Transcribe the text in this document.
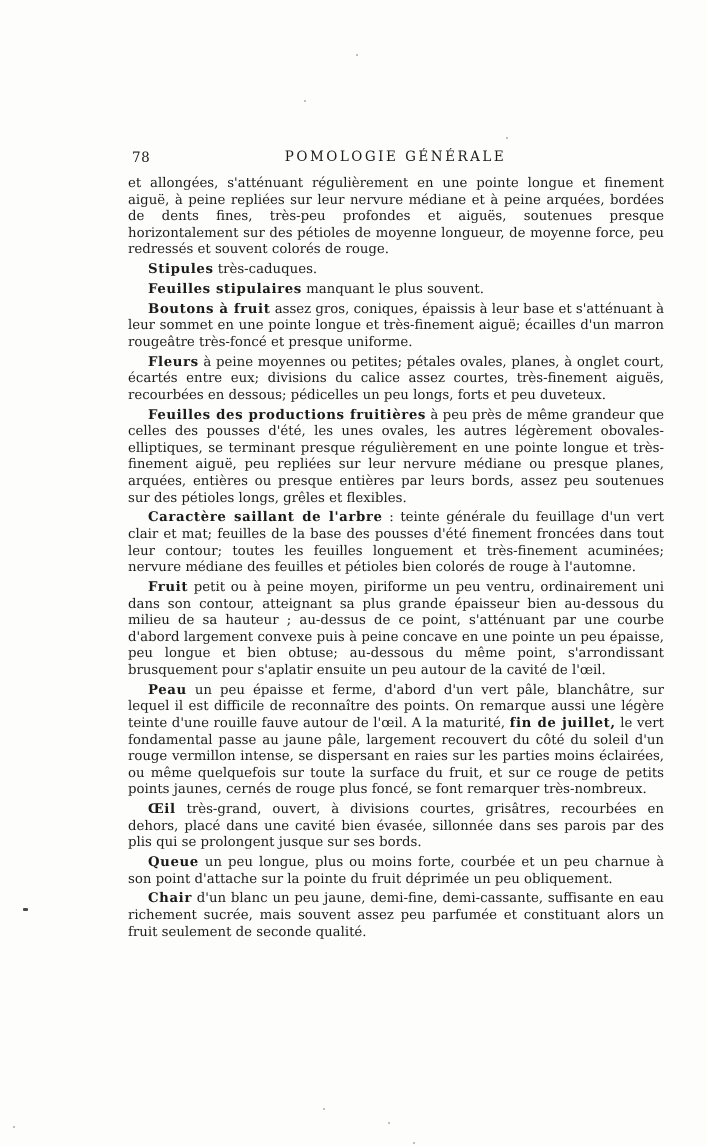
78	POMOLOGIE GÉNÉRALE

et allongées, s'atténuant régulièrement en une pointe longue et finement aiguë, à peine repliées sur leur nervure médiane et à peine arquées, bordées de dents fines, très-peu profondes et aiguës, soutenues presque horizontalement sur des pétioles de moyenne longueur, de moyenne force, peu redressés et souvent colorés de rouge.

Stipules très-caduques.

Feuilles stipulaires manquant le plus souvent.

Boutons à fruit assez gros, coniques, épaissis à leur base et s'atténuant à leur sommet en une pointe longue et très-finement aiguë; écailles d'un marron rougeâtre très-foncé et presque uniforme.

Fleurs à peine moyennes ou petites; pétales ovales, planes, à onglet court, écartés entre eux; divisions du calice assez courtes, très-finement aiguës, recourbées en dessous; pédicelles un peu longs, forts et peu duveteux.

Feuilles des productions fruitières à peu près de même grandeur que celles des pousses d'été, les unes ovales, les autres légèrement obovales-elliptiques, se terminant presque régulièrement en une pointe longue et très-finement aiguë, peu repliées sur leur nervure médiane ou presque planes, arquées, entières ou presque entières par leurs bords, assez peu soutenues sur des pétioles longs, grêles et flexibles.

Caractère saillant de l'arbre : teinte générale du feuillage d'un vert clair et mat; feuilles de la base des pousses d'été finement froncées dans tout leur contour; toutes les feuilles longuement et très-finement acuminées; nervure médiane des feuilles et pétioles bien colorés de rouge à l'automne.

Fruit petit ou à peine moyen, piriforme un peu ventru, ordinairement uni dans son contour, atteignant sa plus grande épaisseur bien au-dessous du milieu de sa hauteur ; au-dessus de ce point, s'atténuant par une courbe d'abord largement convexe puis à peine concave en une pointe un peu épaisse, peu longue et bien obtuse; au-dessous du même point, s'arrondissant brusquement pour s'aplatir ensuite un peu autour de la cavité de l'œil.

Peau un peu épaisse et ferme, d'abord d'un vert pâle, blanchâtre, sur lequel il est difficile de reconnaître des points. On remarque aussi une légère teinte d'une rouille fauve autour de l'œil. A la maturité, fin de juillet, le vert fondamental passe au jaune pâle, largement recouvert du côté du soleil d'un rouge vermillon intense, se dispersant en raies sur les parties moins éclairées, ou même quelquefois sur toute la surface du fruit, et sur ce rouge de petits points jaunes, cernés de rouge plus foncé, se font remarquer très-nombreux.

Œil très-grand, ouvert, à divisions courtes, grisâtres, recourbées en dehors, placé dans une cavité bien évasée, sillonnée dans ses parois par des plis qui se prolongent jusque sur ses bords.

Queue un peu longue, plus ou moins forte, courbée et un peu charnue à son point d'attache sur la pointe du fruit déprimée un peu obliquement.

Chair d'un blanc un peu jaune, demi-fine, demi-cassante, suffisante en eau richement sucrée, mais souvent assez peu parfumée et constituant alors un fruit seulement de seconde qualité.
